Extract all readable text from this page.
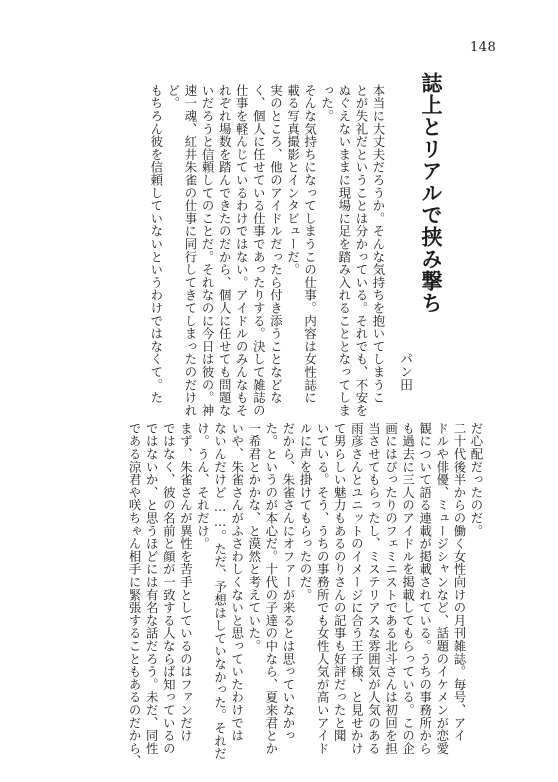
148
誌上とリアルで挟み撃ち
パン田
本当に大丈夫だろうか。そんな気持ちを抱いてしまうこ
とが失礼だということは分かっている。それでも、不安を
ぬぐえないままに現場に足を踏み入れることとなってしま
った。
そんな気持ちになってしまうこの仕事。内容は女性誌に
載る写真撮影とインタビューだ。
実のところ、他のアイドルだったら付き添うことなどな
く、個人に任せている仕事であったりする。決して雑誌の
仕事を軽んじているわけではない。アイドルのみんなもそ
れぞれ場数を踏んできたのだから、個人に任せても問題な
いだろうと信頼してのことだ。それなのに今日は彼の。神
速一魂、紅井朱雀の仕事に同行してきてしまったのだけれ
ど。
もちろん彼を信頼していないというわけではなくて。た
だ心配だったのだ。
二十代後半からの働く女性向けの月刊雑誌。毎号、アイ
ドルや俳優、ミュージシャンなど、話題のイケメンが恋愛
観について語る連載が掲載されている。うちの事務所から
も過去に三人のアイドルを掲載してもらっている。この企
画にはぴったりのフェミニストである北斗さんは初回を担
当させてもらったし、ミステリアスな雰囲気が人気のある
雨彦さんとユニットのイメージに合う王子様、と見せかけ
て男らしい魅力もあるのりさんの記事も好評だったと聞
いている。そう、うちの事務所でも女性人気が高いアイド
ルに声を掛けてもらったのだ。
だから、朱雀さんにオファーが来るとは思っていなかっ
た。というのが本心だ。十代の子達の中なら、夏来君とか
一希君とかかな、と漠然と考えていた。
いや、朱雀さんがふさわしくないと思っていたわけでは
ないんだけど……。ただ、予想はしていなかった。それだ
け。うん、それだけ。
まず、朱雀さんが異性を苦手としているのはファンだけ
ではなく、彼の名前と顔が一致する人ならば知っているの
ではないか、と思うほどには有名な話だろう。未だ、同性
である涼君や咲ちゃん相手に緊張することもあるのだから、
